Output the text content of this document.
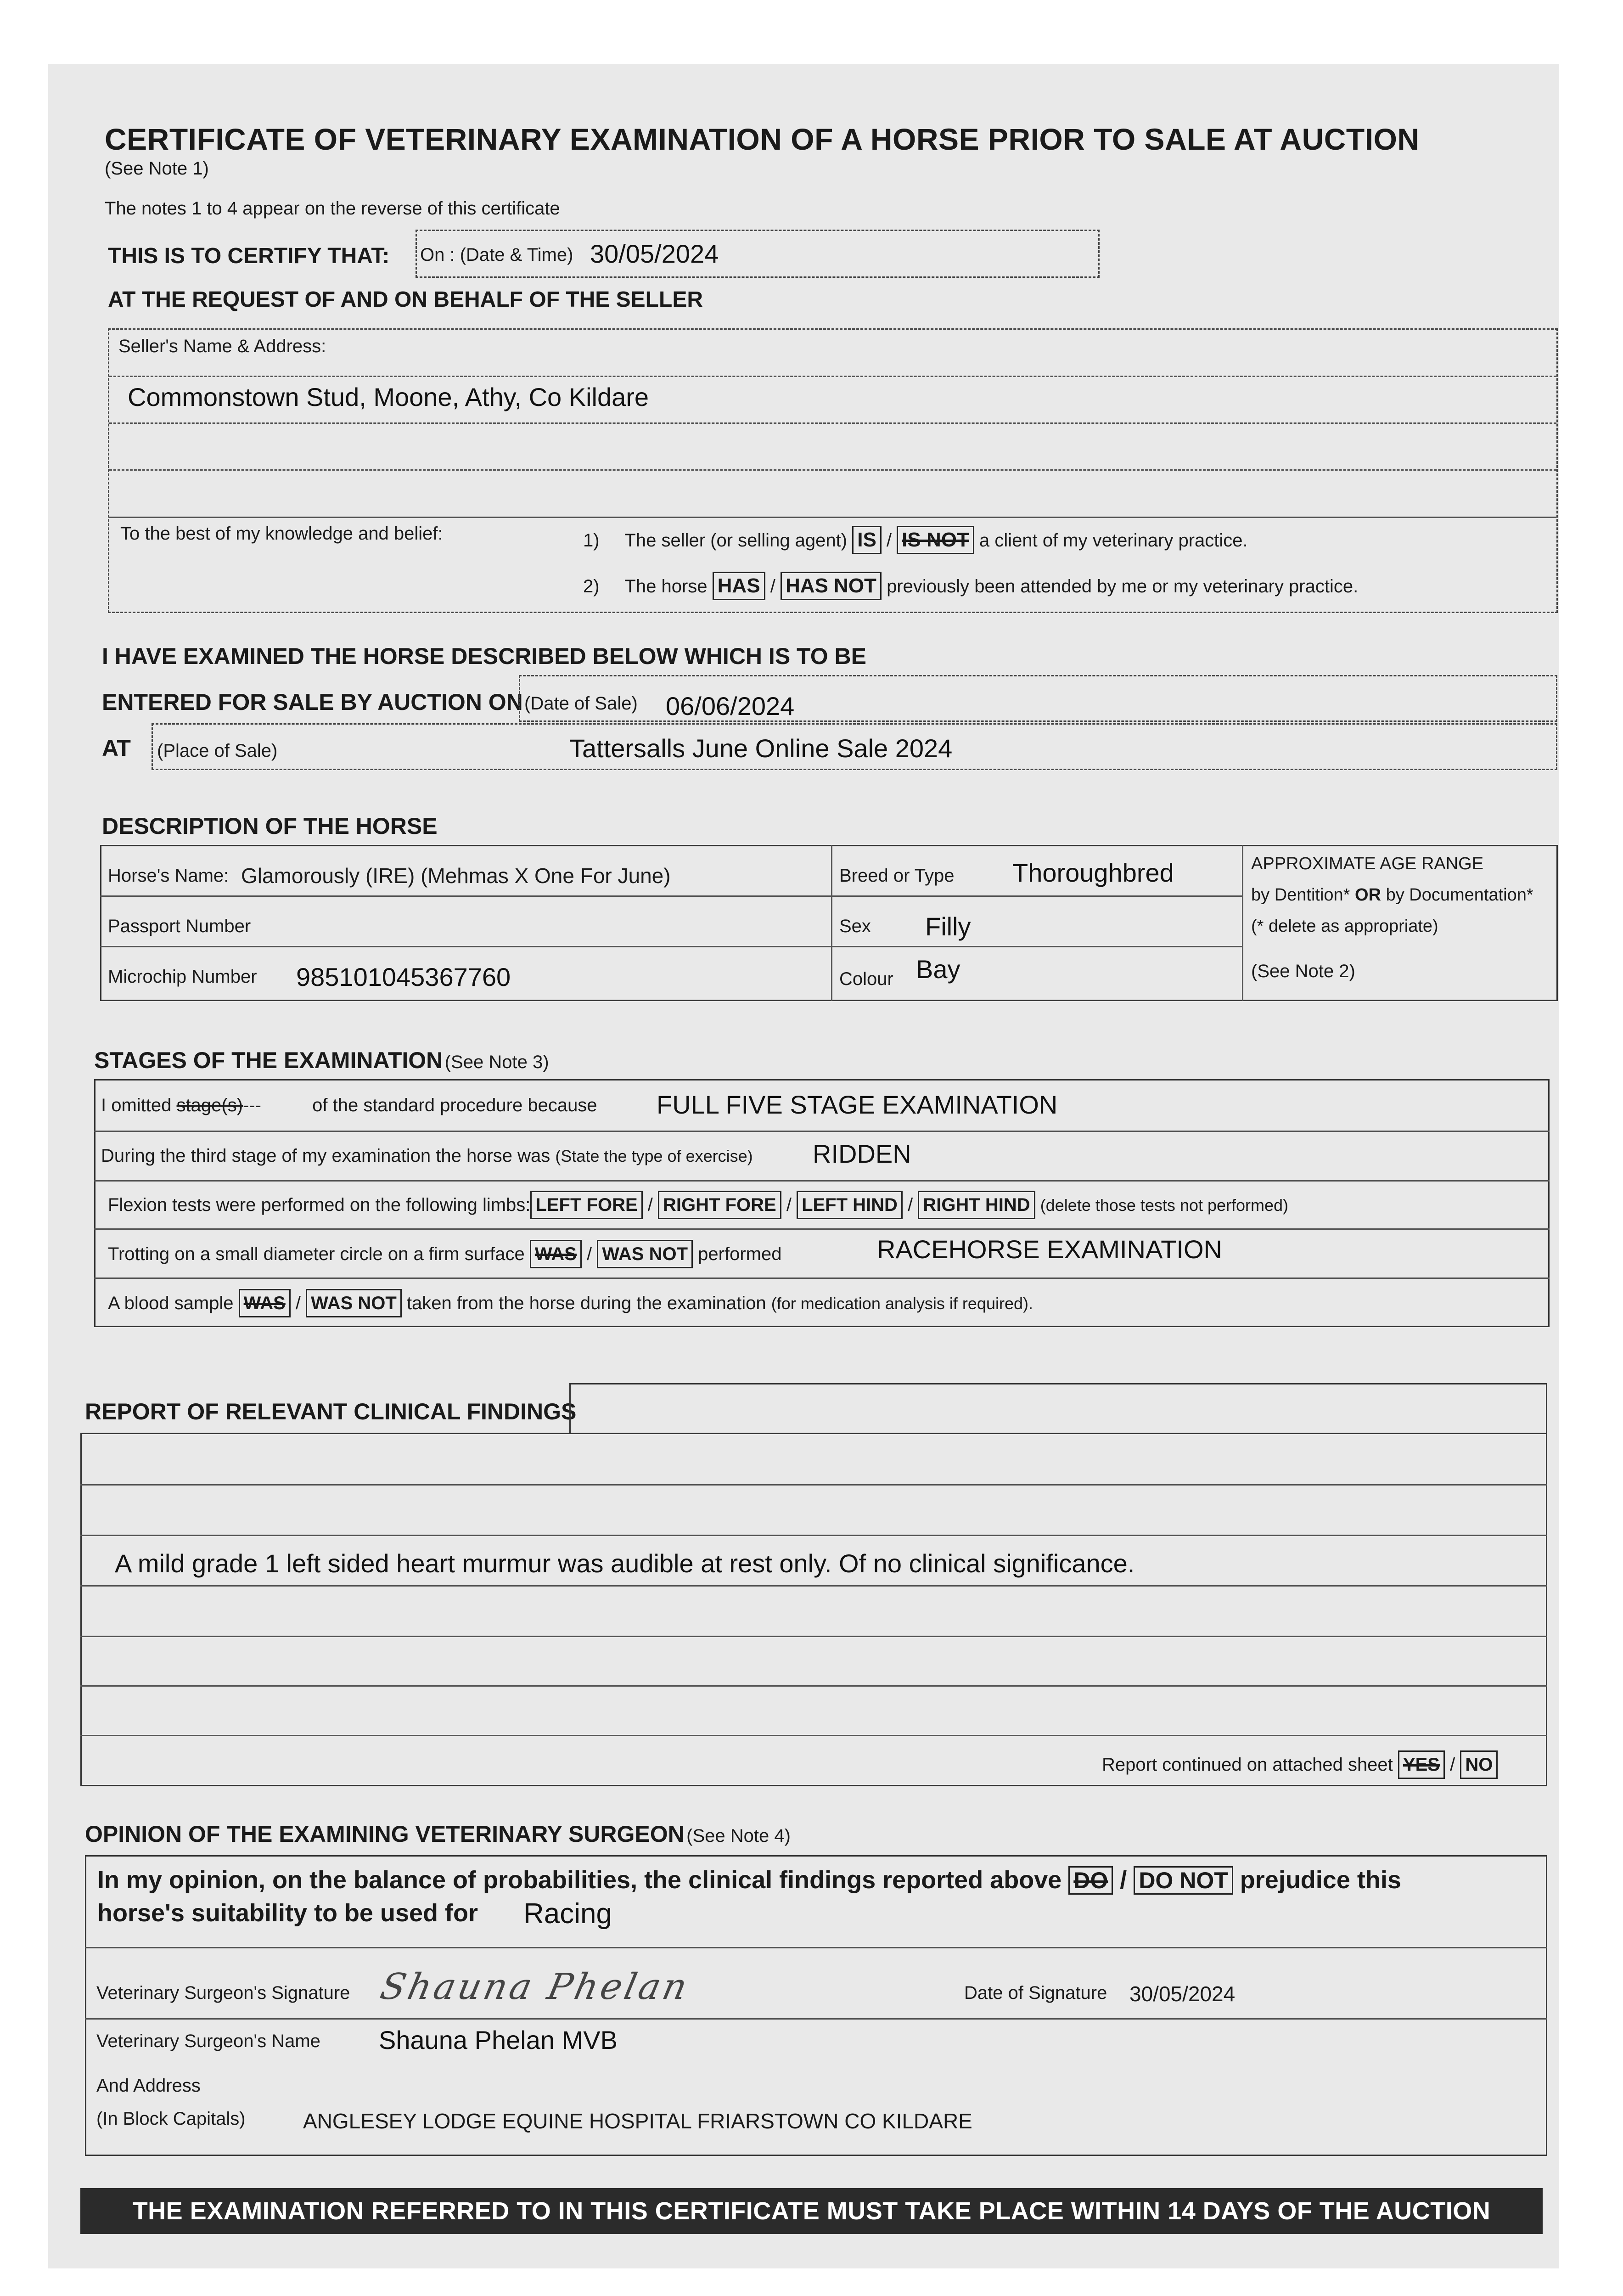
CERTIFICATE OF VETERINARY EXAMINATION OF A HORSE PRIOR TO SALE AT AUCTION
(See Note 1)
The notes 1 to 4 appear on the reverse of this certificate
THIS IS TO CERTIFY THAT: On : (Date & Time) 30/05/2024
AT THE REQUEST OF AND ON BEHALF OF THE SELLER
Seller's Name & Address:
Commonstown Stud, Moone, Athy, Co Kildare
To the best of my knowledge and belief:	1) The seller (or selling agent) IS / IS NOT a client of my veterinary practice.
2) The horse HAS / HAS NOT previously been attended by me or my veterinary practice.
I HAVE EXAMINED THE HORSE DESCRIBED BELOW WHICH IS TO BE
ENTERED FOR SALE BY AUCTION ON (Date of Sale) 06/06/2024
AT (Place of Sale)	Tattersalls June Online Sale 2024
DESCRIPTION OF THE HORSE
Horse's Name: Glamorously (IRE) (Mehmas X One For June)	Breed or Type Thoroughbred	APPROXIMATE AGE RANGE
by Dentition* OR by Documentation*
(* delete as appropriate)
(See Note 2)
Passport Number	Sex Filly
Microchip Number 985101045367760	Colour Bay
STAGES OF THE EXAMINATION (See Note 3)
I omitted stage(s)---	of the standard procedure because FULL FIVE STAGE EXAMINATION
During the third stage of my examination the horse was (State the type of exercise) RIDDEN
Flexion tests were performed on the following limbs: LEFT FORE / RIGHT FORE / LEFT HIND / RIGHT HIND (delete those tests not performed)
Trotting on a small diameter circle on a firm surface WAS / WAS NOT performed	RACEHORSE EXAMINATION
A blood sample WAS / WAS NOT taken from the horse during the examination (for medication analysis if required).
REPORT OF RELEVANT CLINICAL FINDINGS
A mild grade 1 left sided heart murmur was audible at rest only. Of no clinical significance.
Report continued on attached sheet YES / NO
OPINION OF THE EXAMINING VETERINARY SURGEON (See Note 4)
In my opinion, on the balance of probabilities, the clinical findings reported above DO / DO NOT prejudice this
horse's suitability to be used for Racing
Veterinary Surgeon's Signature Shauna Phelan	Date of Signature 30/05/2024
Veterinary Surgeon's Name Shauna Phelan MVB
And Address
(In Block Capitals)	ANGLESEY LODGE EQUINE HOSPITAL FRIARSTOWN CO KILDARE
THE EXAMINATION REFERRED TO IN THIS CERTIFICATE MUST TAKE PLACE WITHIN 14 DAYS OF THE AUCTION
